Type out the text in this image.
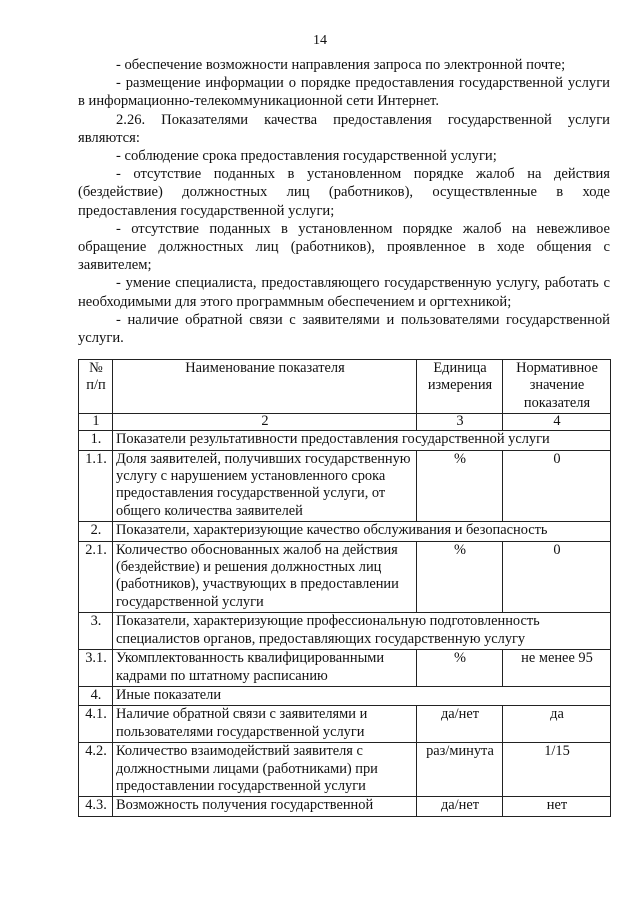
14

- обеспечение возможности направления запроса по электронной почте;

- размещение информации о порядке предоставления государственной услуги в информационно-телекоммуникационной сети Интернет.

2.26. Показателями качества предоставления государственной услуги являются:

- соблюдение срока предоставления государственной услуги;

- отсутствие поданных в установленном порядке жалоб на действия (бездействие) должностных лиц (работников), осуществленные в ходе предоставления государственной услуги;

- отсутствие поданных в установленном порядке жалоб на невежливое обращение должностных лиц (работников), проявленное в ходе общения с заявителем;

- умение специалиста, предоставляющего государственную услугу, работать с необходимыми для этого программным обеспечением и оргтехникой;

- наличие обратной связи с заявителями и пользователями государственной услуги.

№ п/п	Наименование показателя	Единица измерения	Нормативное значение показателя
1	2	3	4
1.	Показатели результативности предоставления государственной услуги		
1.1.	Доля заявителей, получивших государственную услугу с нарушением установленного срока предоставления государственной услуги, от общего количества заявителей	%	0
2.	Показатели, характеризующие качество обслуживания и безопасность		
2.1.	Количество обоснованных жалоб на действия (бездействие) и решения должностных лиц (работников), участвующих в предоставлении государственной услуги	%	0
3.	Показатели, характеризующие профессиональную подготовленность специалистов органов, предоставляющих государственную услугу		
3.1.	Укомплектованность квалифицированными кадрами по штатному расписанию	%	не менее 95
4.	Иные показатели		
4.1.	Наличие обратной связи с заявителями и пользователями государственной услуги	да/нет	да
4.2.	Количество взаимодействий заявителя с должностными лицами (работниками) при предоставлении государственной услуги	раз/минута	1/15
4.3.	Возможность получения государственной	да/нет	нет
